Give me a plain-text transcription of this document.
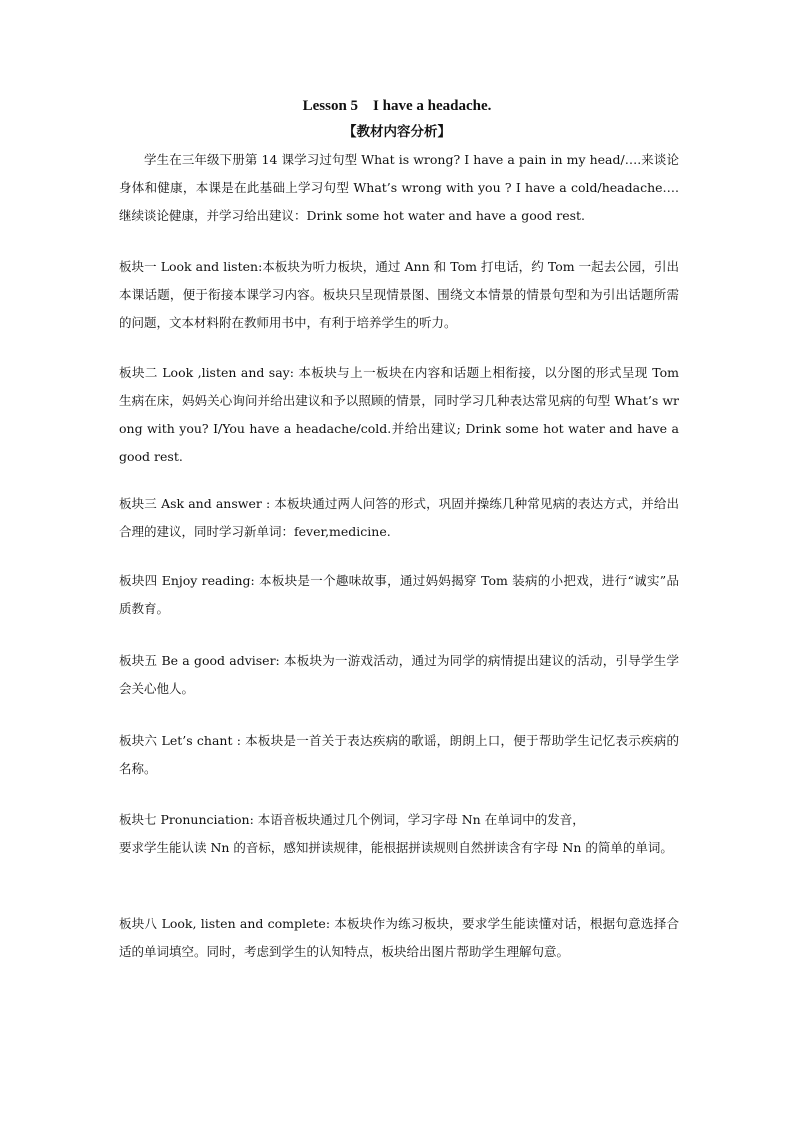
Lesson 5    I have a headache.
【教材内容分析】
学生在三年级下册第 14 课学习过句型 What is wrong? I have a pain in my head/….来谈论身体和健康，本课是在此基础上学习句型 What’s wrong with you ? I have a cold/headache….继续谈论健康，并学习给出建议：Drink some hot water and have a good rest.
板块一 Look and listen:本板块为听力板块，通过 Ann 和 Tom 打电话，约 Tom 一起去公园，引出本课话题，便于衔接本课学习内容。板块只呈现情景图、围绕文本情景的情景句型和为引出话题所需的问题，文本材料附在教师用书中，有利于培养学生的听力。
板块二 Look ,listen and say: 本板块与上一板块在内容和话题上相衔接，以分图的形式呈现 Tom 生病在床，妈妈关心询问并给出建议和予以照顾的情景，同时学习几种表达常见病的句型 What’s wrong with you? I/You have a headache/cold.并给出建议; Drink some hot water and have a good rest.
板块三 Ask and answer : 本板块通过两人问答的形式，巩固并操练几种常见病的表达方式，并给出合理的建议，同时学习新单词：fever,medicine.
板块四 Enjoy reading: 本板块是一个趣味故事，通过妈妈揭穿 Tom 装病的小把戏，进行“诚实”品质教育。
板块五 Be a good adviser: 本板块为一游戏活动，通过为同学的病情提出建议的活动，引导学生学会关心他人。
板块六 Let’s chant : 本板块是一首关于表达疾病的歌谣，朗朗上口，便于帮助学生记忆表示疾病的名称。
板块七 Pronunciation: 本语音板块通过几个例词，学习字母 Nn 在单词中的发音，
要求学生能认读 Nn 的音标，感知拼读规律，能根据拼读规则自然拼读含有字母 Nn 的简单的单词。
板块八 Look, listen and complete: 本板块作为练习板块，要求学生能读懂对话，根据句意选择合适的单词填空。同时，考虑到学生的认知特点，板块给出图片帮助学生理解句意。
